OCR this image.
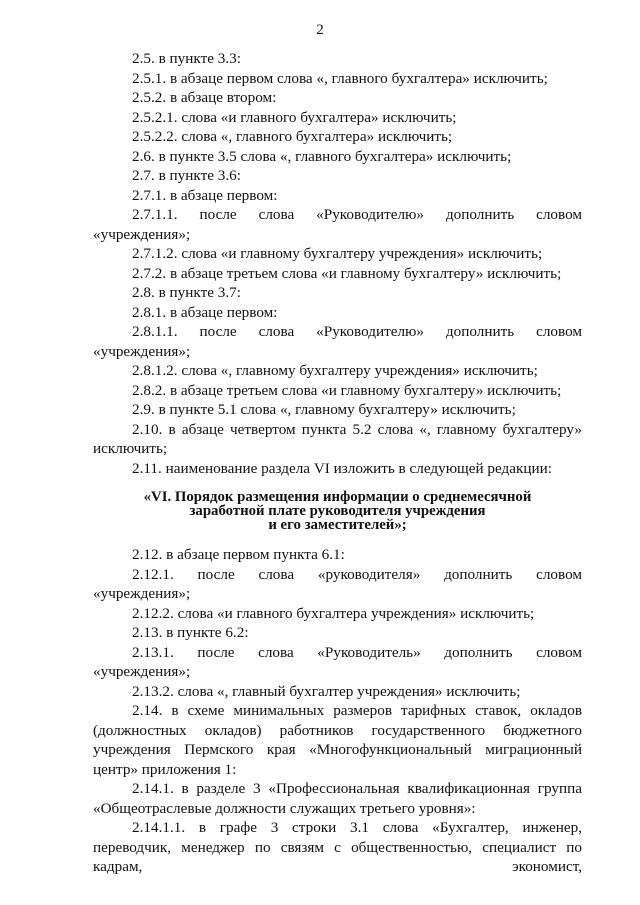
2

2.5. в пункте 3.3:

2.5.1. в абзаце первом слова «, главного бухгалтера» исключить;

2.5.2. в абзаце втором:

2.5.2.1. слова «и главного бухгалтера» исключить;

2.5.2.2. слова «, главного бухгалтера» исключить;

2.6. в пункте 3.5 слова «, главного бухгалтера» исключить;

2.7. в пункте 3.6:

2.7.1. в абзаце первом:

2.7.1.1. после слова «Руководителю» дополнить словом «учреждения»;

2.7.1.2. слова «и главному бухгалтеру учреждения» исключить;

2.7.2. в абзаце третьем слова «и главному бухгалтеру» исключить;

2.8. в пункте 3.7:

2.8.1. в абзаце первом:

2.8.1.1. после слова «Руководителю» дополнить словом «учреждения»;

2.8.1.2. слова «, главному бухгалтеру учреждения» исключить;

2.8.2. в абзаце третьем слова «и главному бухгалтеру» исключить;

2.9. в пункте 5.1 слова «, главному бухгалтеру» исключить;

2.10. в абзаце четвертом пункта 5.2 слова «, главному бухгалтеру» исключить;

2.11. наименование раздела VI изложить в следующей редакции:

«VI. Порядок размещения информации о среднемесячной
заработной плате руководителя учреждения
и его заместителей»;

2.12. в абзаце первом пункта 6.1:

2.12.1. после слова «руководителя» дополнить словом «учреждения»;

2.12.2. слова «и главного бухгалтера учреждения» исключить;

2.13. в пункте 6.2:

2.13.1. после слова «Руководитель» дополнить словом «учреждения»;

2.13.2. слова «, главный бухгалтер учреждения» исключить;

2.14. в схеме минимальных размеров тарифных ставок, окладов (должностных окладов) работников государственного бюджетного учреждения Пермского края «Многофункциональный миграционный центр» приложения 1:

2.14.1. в разделе 3 «Профессиональная квалификационная группа «Общеотраслевые должности служащих третьего уровня»:

2.14.1.1. в графе 3 строки 3.1 слова «Бухгалтер, инженер, переводчик, менеджер по связям с общественностью, специалист по кадрам, экономист,
